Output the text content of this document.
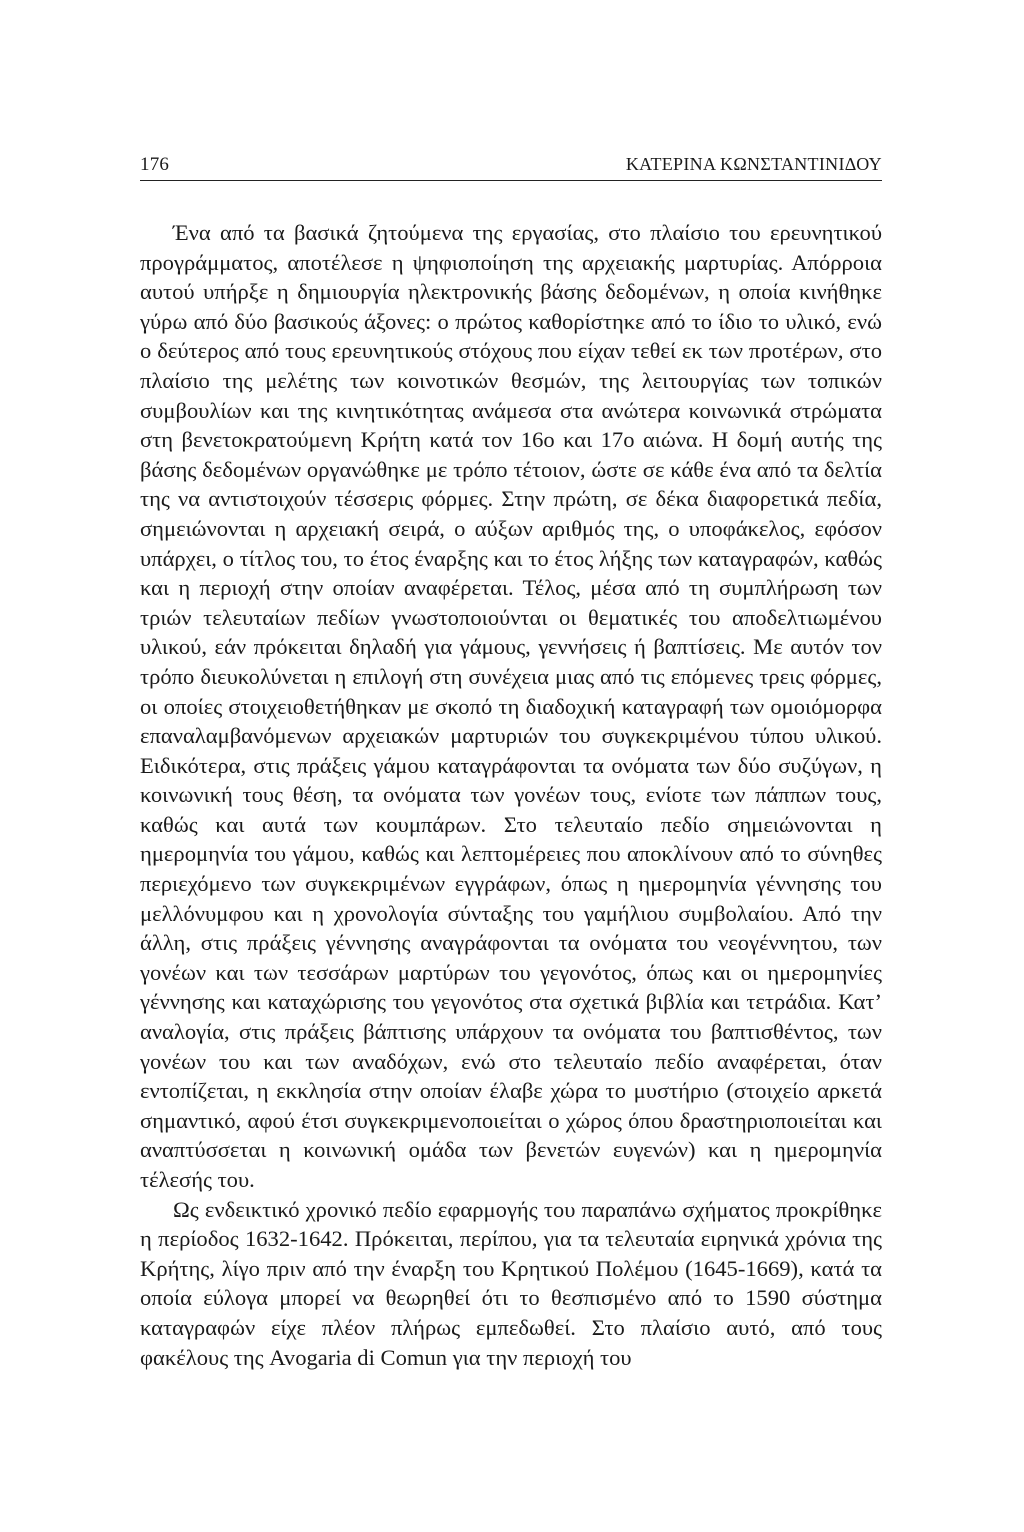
176	ΚΑΤΕΡΙΝΑ ΚΩΝΣΤΑΝΤΙΝΙΔΟΥ

Ένα από τα βασικά ζητούμενα της εργασίας, στο πλαίσιο του ερευνητικού προγράμματος, αποτέλεσε η ψηφιοποίηση της αρχειακής μαρτυρίας. Απόρροια αυτού υπήρξε η δημιουργία ηλεκτρονικής βάσης δεδομένων, η οποία κινήθηκε γύρω από δύο βασικούς άξονες: ο πρώτος καθορίστηκε από το ίδιο το υλικό, ενώ ο δεύτερος από τους ερευνητικούς στόχους που είχαν τεθεί εκ των προτέρων, στο πλαίσιο της μελέτης των κοινοτικών θεσμών, της λειτουργίας των τοπικών συμβουλίων και της κινητικότητας ανάμεσα στα ανώτερα κοινωνικά στρώματα στη βενετοκρατούμενη Κρήτη κατά τον 16ο και 17ο αιώνα. Η δομή αυτής της βάσης δεδομένων οργανώθηκε με τρόπο τέτοιον, ώστε σε κάθε ένα από τα δελτία της να αντιστοιχούν τέσσερις φόρμες. Στην πρώτη, σε δέκα διαφορετικά πεδία, σημειώνονται η αρχειακή σειρά, ο αύξων αριθμός της, ο υποφάκελος, εφόσον υπάρχει, ο τίτλος του, το έτος έναρξης και το έτος λήξης των καταγραφών, καθώς και η περιοχή στην οποίαν αναφέρεται. Τέλος, μέσα από τη συμπλήρωση των τριών τελευταίων πεδίων γνωστοποιούνται οι θεματικές του αποδελτιωμένου υλικού, εάν πρόκειται δηλαδή για γάμους, γεννήσεις ή βαπτίσεις. Με αυτόν τον τρόπο διευκολύνεται η επιλογή στη συνέχεια μιας από τις επόμενες τρεις φόρμες, οι οποίες στοιχειοθετήθηκαν με σκοπό τη διαδοχική καταγραφή των ομοιόμορφα επαναλαμβανόμενων αρχειακών μαρτυριών του συγκεκριμένου τύπου υλικού. Ειδικότερα, στις πράξεις γάμου καταγράφονται τα ονόματα των δύο συζύγων, η κοινωνική τους θέση, τα ονόματα των γονέων τους, ενίοτε των πάππων τους, καθώς και αυτά των κουμπάρων. Στο τελευταίο πεδίο σημειώνονται η ημερομηνία του γάμου, καθώς και λεπτομέρειες που αποκλίνουν από το σύνηθες περιεχόμενο των συγκεκριμένων εγγράφων, όπως η ημερομηνία γέννησης του μελλόνυμφου και η χρονολογία σύνταξης του γαμήλιου συμβολαίου. Από την άλλη, στις πράξεις γέννησης αναγράφονται τα ονόματα του νεογέννητου, των γονέων και των τεσσάρων μαρτύρων του γεγονότος, όπως και οι ημερομηνίες γέννησης και καταχώρισης του γεγονότος στα σχετικά βιβλία και τετράδια. Κατ’ αναλογία, στις πράξεις βάπτισης υπάρχουν τα ονόματα του βαπτισθέντος, των γονέων του και των αναδόχων, ενώ στο τελευταίο πεδίο αναφέρεται, όταν εντοπίζεται, η εκκλησία στην οποίαν έλαβε χώρα το μυστήριο (στοιχείο αρκετά σημαντικό, αφού έτσι συγκεκριμενοποιείται ο χώρος όπου δραστηριοποιείται και αναπτύσσεται η κοινωνική ομάδα των βενετών ευγενών) και η ημερομηνία τέλεσής του.

Ως ενδεικτικό χρονικό πεδίο εφαρμογής του παραπάνω σχήματος προκρίθηκε η περίοδος 1632-1642. Πρόκειται, περίπου, για τα τελευταία ειρηνικά χρόνια της Κρήτης, λίγο πριν από την έναρξη του Κρητικού Πολέμου (1645-1669), κατά τα οποία εύλογα μπορεί να θεωρηθεί ότι το θεσπισμένο από το 1590 σύστημα καταγραφών είχε πλέον πλήρως εμπεδωθεί. Στο πλαίσιο αυτό, από τους φακέλους της Avogaria di Comun για την περιοχή του
